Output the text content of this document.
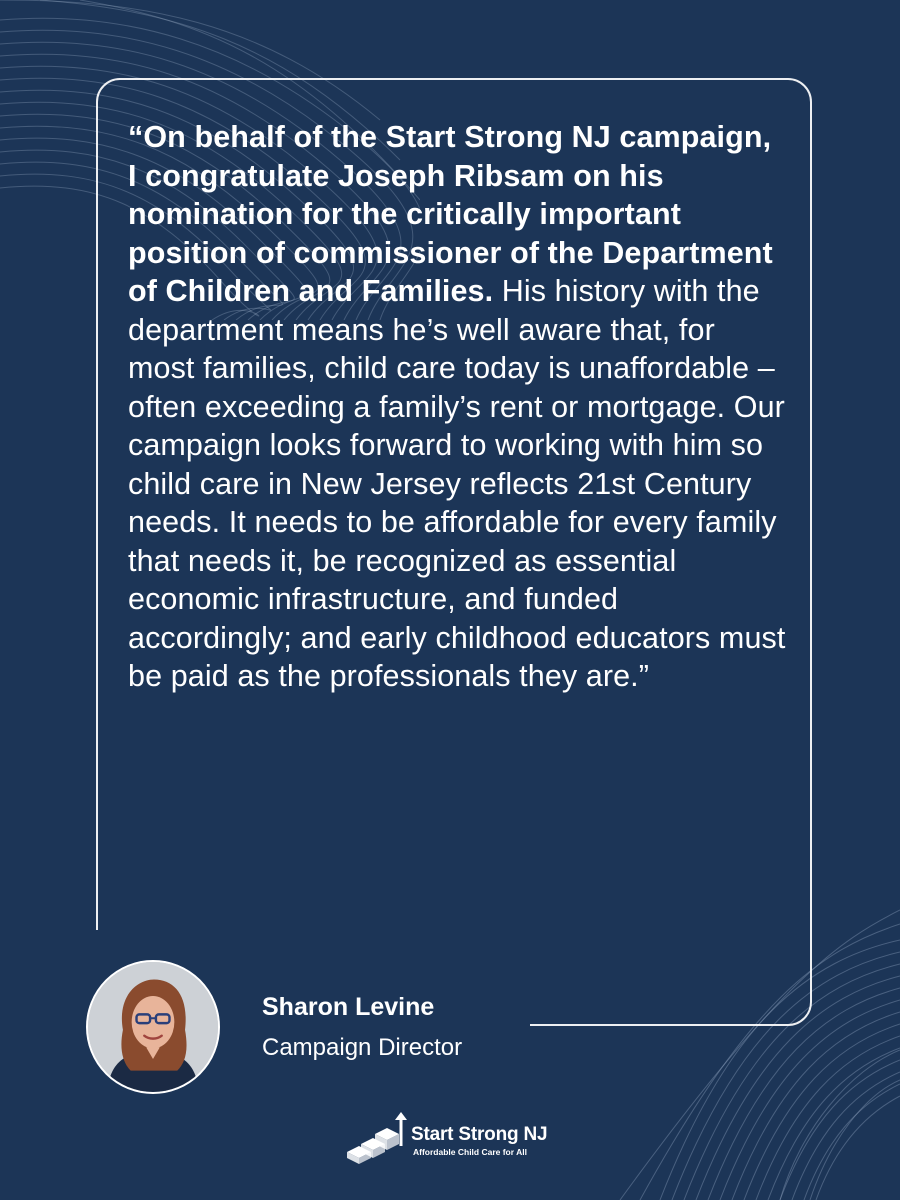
“On behalf of the Start Strong NJ campaign, I congratulate Joseph Ribsam on his nomination for the critically important position of commissioner of the Department of Children and Families. His history with the department means he’s well aware that, for most families, child care today is unaffordable – often exceeding a family’s rent or mortgage. Our campaign looks forward to working with him so child care in New Jersey reflects 21st Century needs. It needs to be affordable for every family that needs it, be recognized as essential economic infrastructure, and funded accordingly; and early childhood educators must be paid as the professionals they are.”

Sharon Levine

Campaign Director

Start Strong NJ
Affordable Child Care for All
